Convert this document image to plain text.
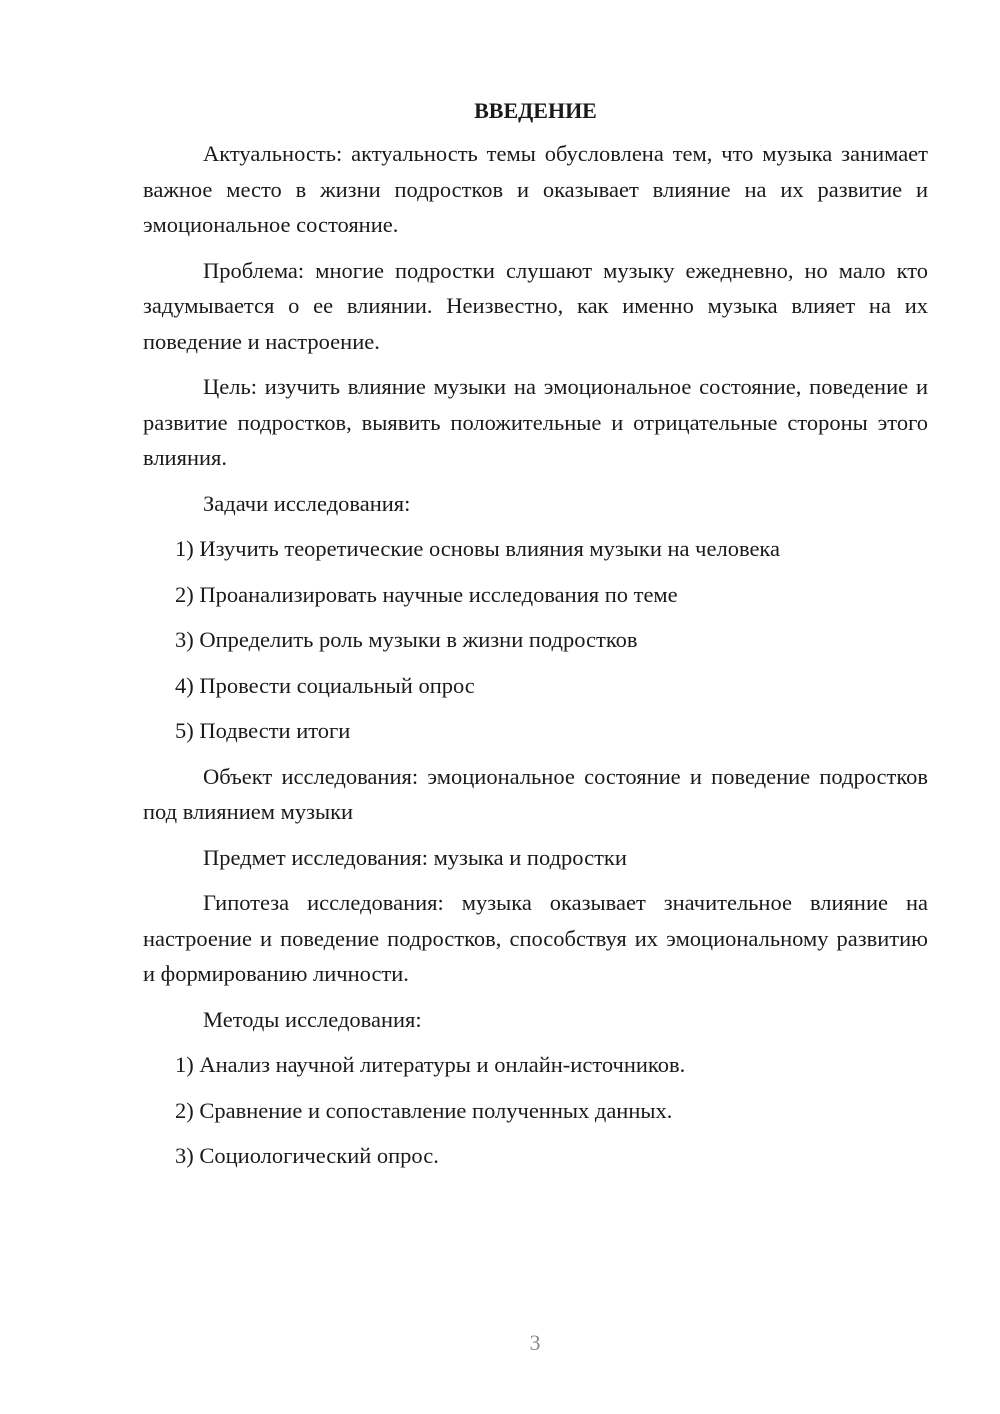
ВВЕДЕНИЕ

Актуальность: актуальность темы обусловлена тем, что музыка занимает важное место в жизни подростков и оказывает влияние на их развитие и эмоциональное состояние.

Проблема: многие подростки слушают музыку ежедневно, но мало кто задумывается о ее влиянии. Неизвестно, как именно музыка влияет на их поведение и настроение.

Цель: изучить влияние музыки на эмоциональное состояние, поведение и развитие подростков, выявить положительные и отрицательные стороны этого влияния.

Задачи исследования:

1) Изучить теоретические основы влияния музыки на человека
2) Проанализировать научные исследования по теме
3) Определить роль музыки в жизни подростков
4) Провести социальный опрос
5) Подвести итоги

Объект исследования: эмоциональное состояние и поведение подростков под влиянием музыки

Предмет исследования: музыка и подростки

Гипотеза исследования: музыка оказывает значительное влияние на настроение и поведение подростков, способствуя их эмоциональному развитию и формированию личности.

Методы исследования:

1) Анализ научной литературы и онлайн-источников.
2) Сравнение и сопоставление полученных данных.
3) Социологический опрос.
3
